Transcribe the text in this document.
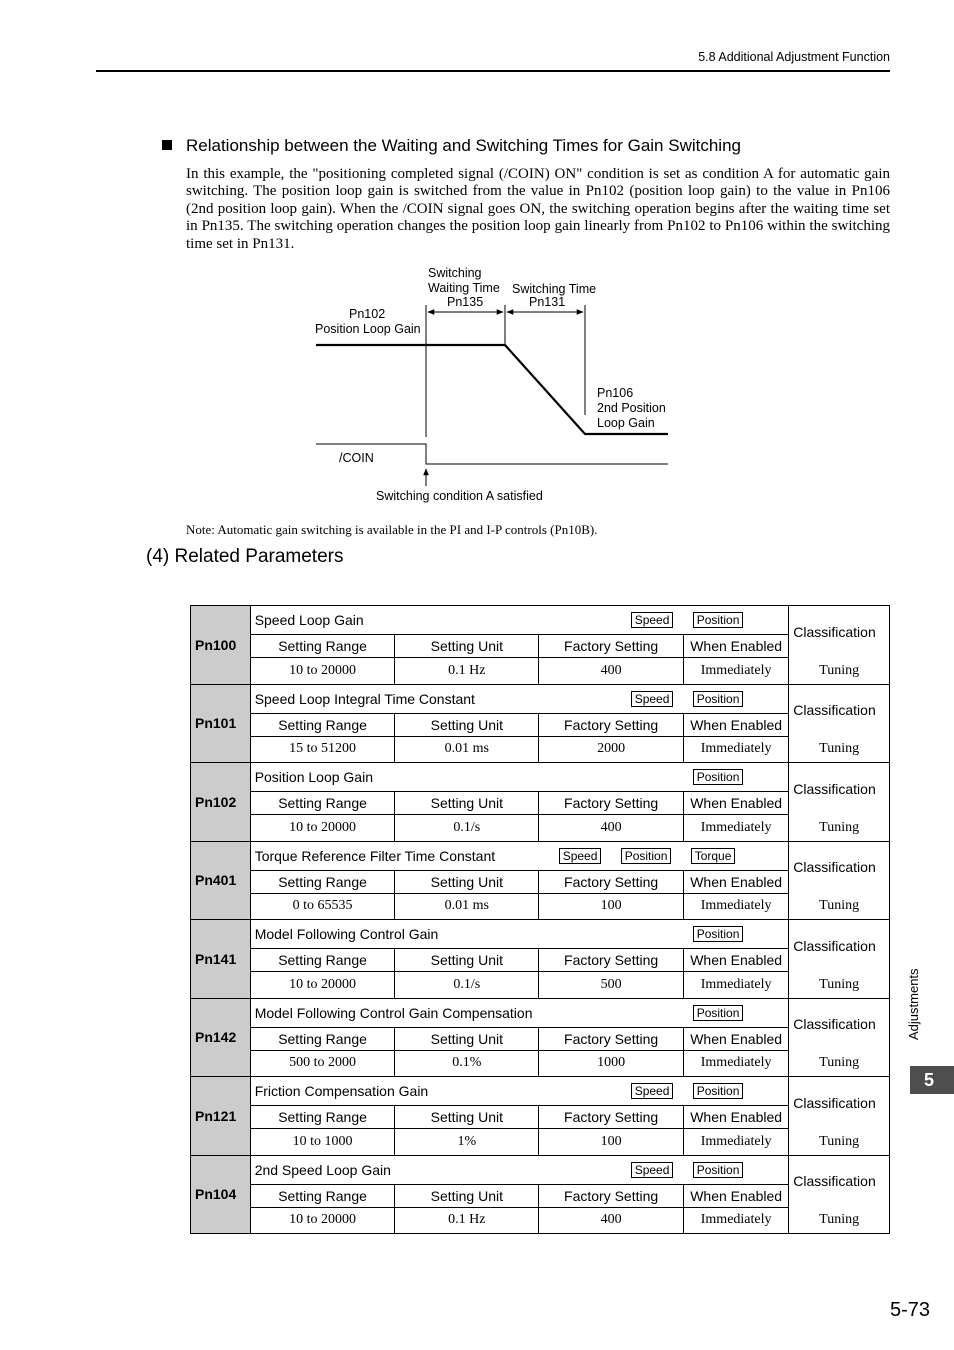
5.8 Additional Adjustment Function
Relationship between the Waiting and Switching Times for Gain Switching
In this example, the "positioning completed signal (/COIN) ON" condition is set as condition A for automatic gain switching. The position loop gain is switched from the value in Pn102 (position loop gain) to the value in Pn106 (2nd position loop gain). When the /COIN signal goes ON, the switching operation begins after the waiting time set in Pn135. The switching operation changes the position loop gain linearly from Pn102 to Pn106 within the switching time set in Pn131.
Switching
Waiting Time
Pn135
Switching Time
Pn131
Pn102
Position Loop Gain
Pn106
2nd Position
Loop Gain
/COIN
Switching condition A satisfied
Note: Automatic gain switching is available in the PI and I-P controls (Pn10B).
(4) Related Parameters
Pn100	Speed Loop Gain Speed Position				Classification
	Setting Range	Setting Unit	Factory Setting	When Enabled	
	10 to 20000	0.1 Hz	400	Immediately	Tuning
Pn101	Speed Loop Integral Time Constant Speed Position				Classification
	Setting Range	Setting Unit	Factory Setting	When Enabled	
	15 to 51200	0.01 ms	2000	Immediately	Tuning
Pn102	Position Loop Gain Position				Classification
	Setting Range	Setting Unit	Factory Setting	When Enabled	
	10 to 20000	0.1/s	400	Immediately	Tuning
Pn401	Torque Reference Filter Time Constant Speed Position Torque				Classification
	Setting Range	Setting Unit	Factory Setting	When Enabled	
	0 to 65535	0.01 ms	100	Immediately	Tuning
Pn141	Model Following Control Gain Position				Classification
	Setting Range	Setting Unit	Factory Setting	When Enabled	
	10 to 20000	0.1/s	500	Immediately	Tuning
Pn142	Model Following Control Gain Compensation Position				Classification
	Setting Range	Setting Unit	Factory Setting	When Enabled	
	500 to 2000	0.1%	1000	Immediately	Tuning
Pn121	Friction Compensation Gain Speed Position				Classification
	Setting Range	Setting Unit	Factory Setting	When Enabled	
	10 to 1000	1%	100	Immediately	Tuning
Pn104	2nd Speed Loop Gain Speed Position				Classification
	Setting Range	Setting Unit	Factory Setting	When Enabled	
	10 to 20000	0.1 Hz	400	Immediately	Tuning
Adjustments
5
5-73
